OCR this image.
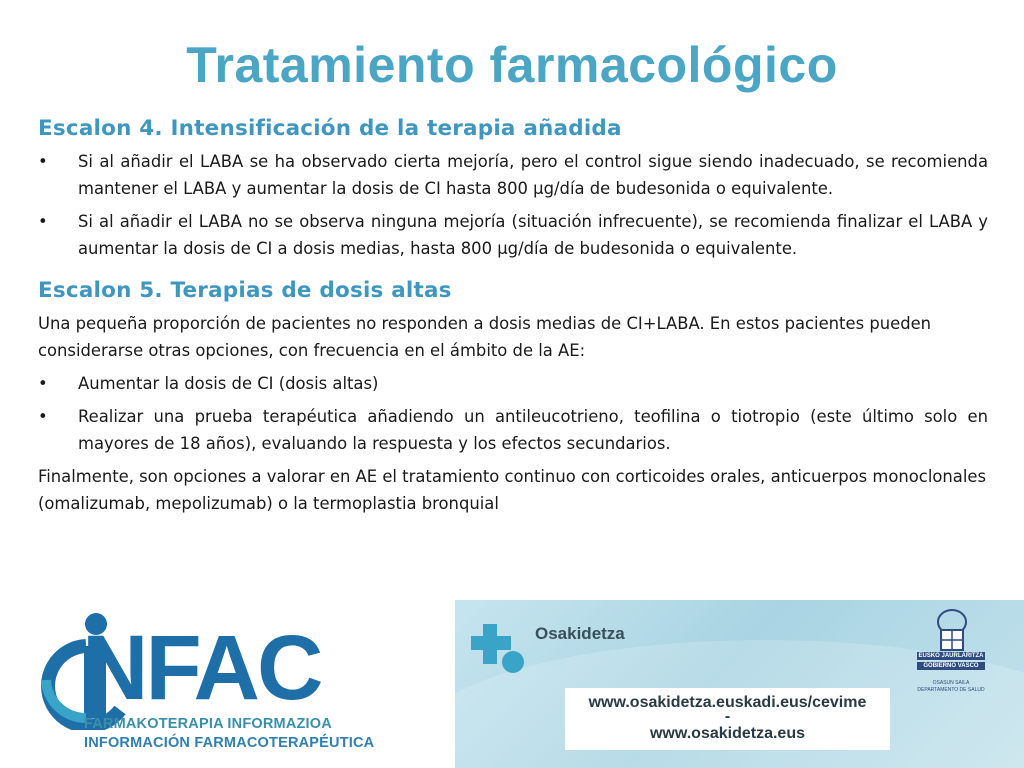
Tratamiento farmacológico
Escalon 4. Intensificación de la terapia añadida
• Si al añadir el LABA se ha observado cierta mejoría, pero el control sigue siendo inadecuado, se recomienda mantener el LABA y aumentar la dosis de CI hasta 800 µg/día de budesonida o equivalente.
• Si al añadir el LABA no se observa ninguna mejoría (situación infrecuente), se recomienda finalizar el LABA y aumentar la dosis de CI a dosis medias, hasta 800 µg/día de budesonida o equivalente.
Escalon 5. Terapias de dosis altas

Una pequeña proporción de pacientes no responden a dosis medias de CI+LABA. En estos pacientes pueden considerarse otras opciones, con frecuencia en el ámbito de la AE:

• Aumentar la dosis de CI (dosis altas)
• Realizar una prueba terapéutica añadiendo un antileucotrieno, teofilina o tiotropio (este último solo en mayores de 18 años), evaluando la respuesta y los efectos secundarios.

Finalmente, son opciones a valorar en AE el tratamiento continuo con corticoides orales, anticuerpos monoclonales (omalizumab, mepolizumab) o la termoplastia bronquial

NFAC
FARMAKOTERAPIA INFORMAZIOA
INFORMACIÓN FARMACOTERAPÉUTICA
Osakidetza
EUSKO JAURLARITZA
GOBIERNO VASCO
OSASUN SAILA
DEPARTAMENTO DE SALUD
www.osakidetza.euskadi.eus/cevime
-
www.osakidetza.eus
